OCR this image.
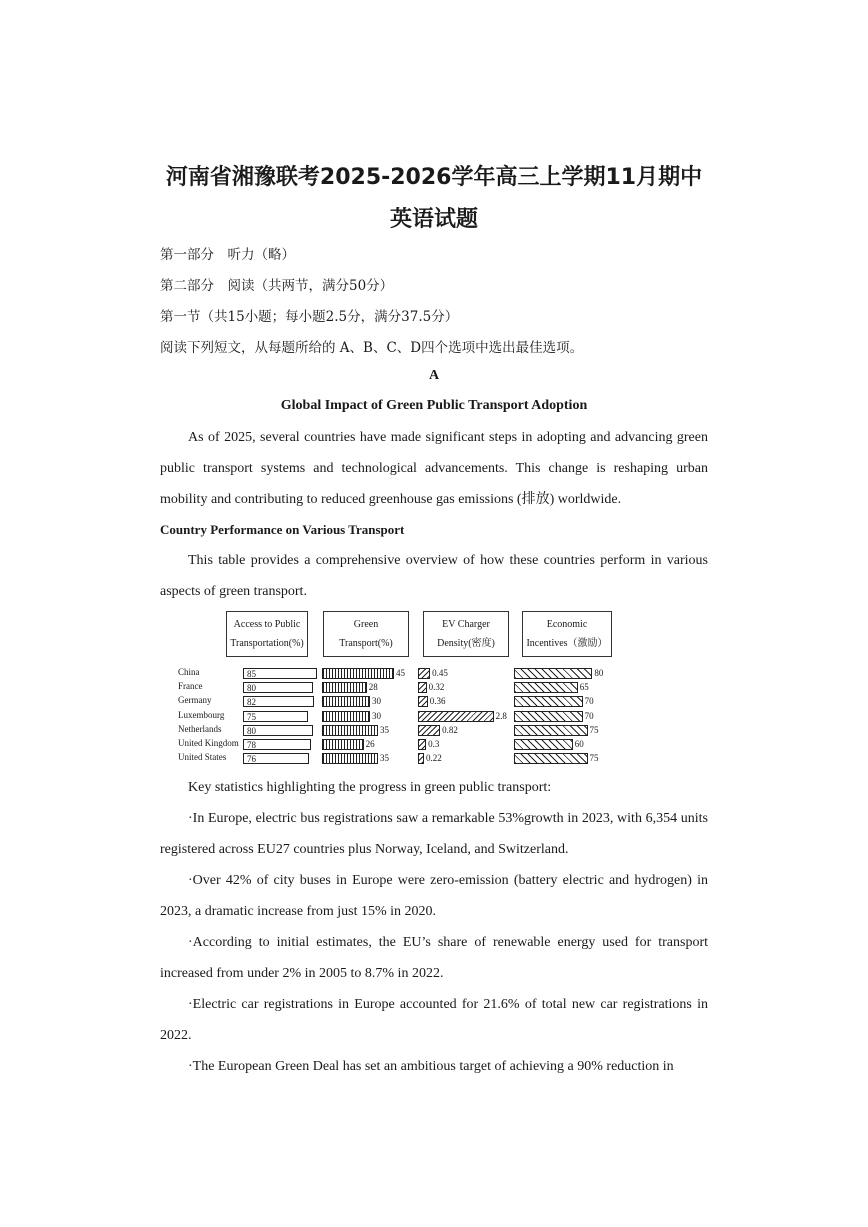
河南省湘豫联考2025-2026学年高三上学期11月期中
英语试题
第一部分　听力（略）
第二部分　阅读（共两节，满分50分）
第一节（共15小题；每小题2.5分，满分37.5分）
阅读下列短文，从每题所给的 A、B、C、D四个选项中选出最佳选项。
A
Global Impact of Green Public Transport Adoption

As of 2025, several countries have made significant steps in adopting and advancing green public transport systems and technological advancements. This change is reshaping urban mobility and contributing to reduced greenhouse gas emissions (排放) worldwide.

Country Performance on Various Transport

This table provides a comprehensive overview of how these countries perform in various aspects of green transport.

Access to Public
Transportation(%)
Green
Transport(%)
EV Charger
Density(密度)
Economic
Incentives（激励）
China	85	45	0.45	80
France	80	28	0.32	65
Germany	82	30	0.36	70
Luxembourg	75	30	2.8	70
Netherlands	80	35	0.82	75
United Kingdom 78	26	0.3	60
United States 76	35	0.22	75
Key statistics highlighting the progress in green public transport:

·In Europe, electric bus registrations saw a remarkable 53%growth in 2023, with 6,354 units registered across EU27 countries plus Norway, Iceland, and Switzerland.

·Over 42% of city buses in Europe were zero-emission (battery electric and hydrogen) in 2023, a dramatic increase from just 15% in 2020.

·According to initial estimates, the EU’s share of renewable energy used for transport increased from under 2% in 2005 to 8.7% in 2022.

·Electric car registrations in Europe accounted for 21.6% of total new car registrations in 2022.

·The European Green Deal has set an ambitious target of achieving a 90% reduction in
